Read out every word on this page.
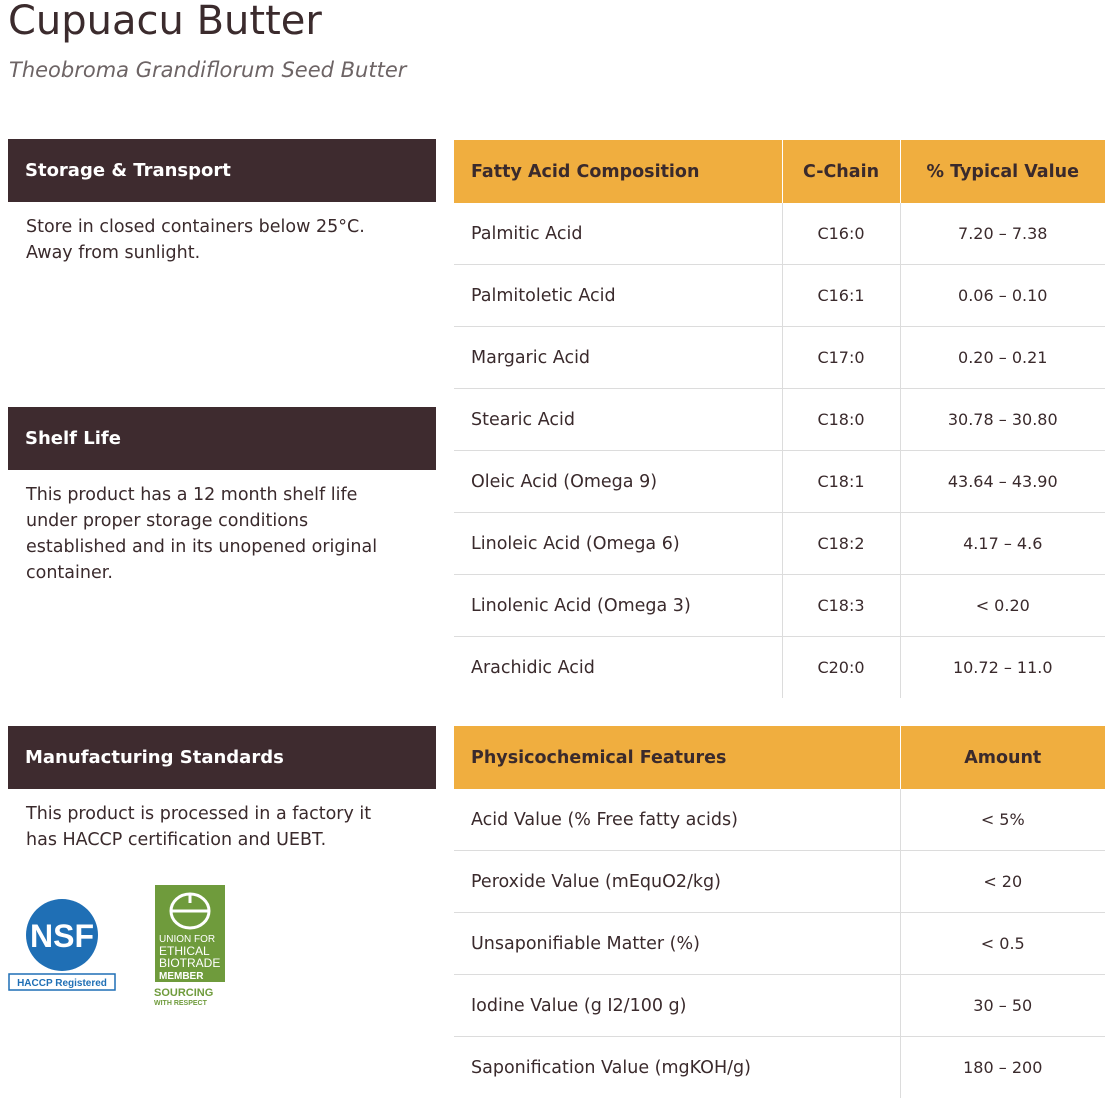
Cupuacu Butter
Theobroma Grandiflorum Seed Butter
Storage & Transport
Store in closed containers below 25°C. Away from sunlight.
Shelf Life
This product has a 12 month shelf life under proper storage conditions established and in its unopened original container.
Manufacturing Standards
This product is processed in a factory it has HACCP certification and UEBT.
NSF
HACCP Registered
UNION FOR
ETHICAL
BIOTRADE
MEMBER
SOURCING
WITH RESPECT
Fatty Acid Composition	C-Chain	% Typical Value
Palmitic Acid	C16:0	7.20 – 7.38
Palmitoletic Acid	C16:1	0.06 – 0.10
Margaric Acid	C17:0	0.20 – 0.21
Stearic Acid	C18:0	30.78 – 30.80
Oleic Acid (Omega 9)	C18:1	43.64 – 43.90
Linoleic Acid (Omega 6)	C18:2	4.17 – 4.6
Linolenic Acid (Omega 3)	C18:3	< 0.20
Arachidic Acid	C20:0	10.72 – 11.0
Physicochemical Features	Amount
Acid Value (% Free fatty acids)	< 5%
Peroxide Value (mEquO2/kg)	< 20
Unsaponifiable Matter (%)	< 0.5
Iodine Value (g I2/100 g)	30 – 50
Saponification Value (mgKOH/g)	180 – 200
